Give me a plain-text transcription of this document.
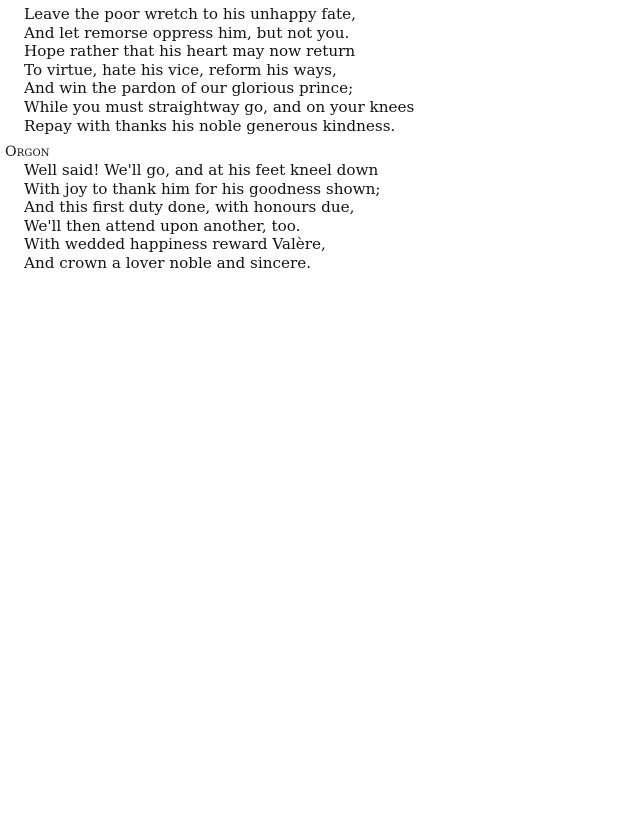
Leave the poor wretch to his unhappy fate,
And let remorse oppress him, but not you.
Hope rather that his heart may now return
To virtue, hate his vice, reform his ways,
And win the pardon of our glorious prince;
While you must straightway go, and on your knees
Repay with thanks his noble generous kindness.
Orgon
Well said! We'll go, and at his feet kneel down
With joy to thank him for his goodness shown;
And this first duty done, with honours due,
We'll then attend upon another, too.
With wedded happiness reward Valère,
And crown a lover noble and sincere.
